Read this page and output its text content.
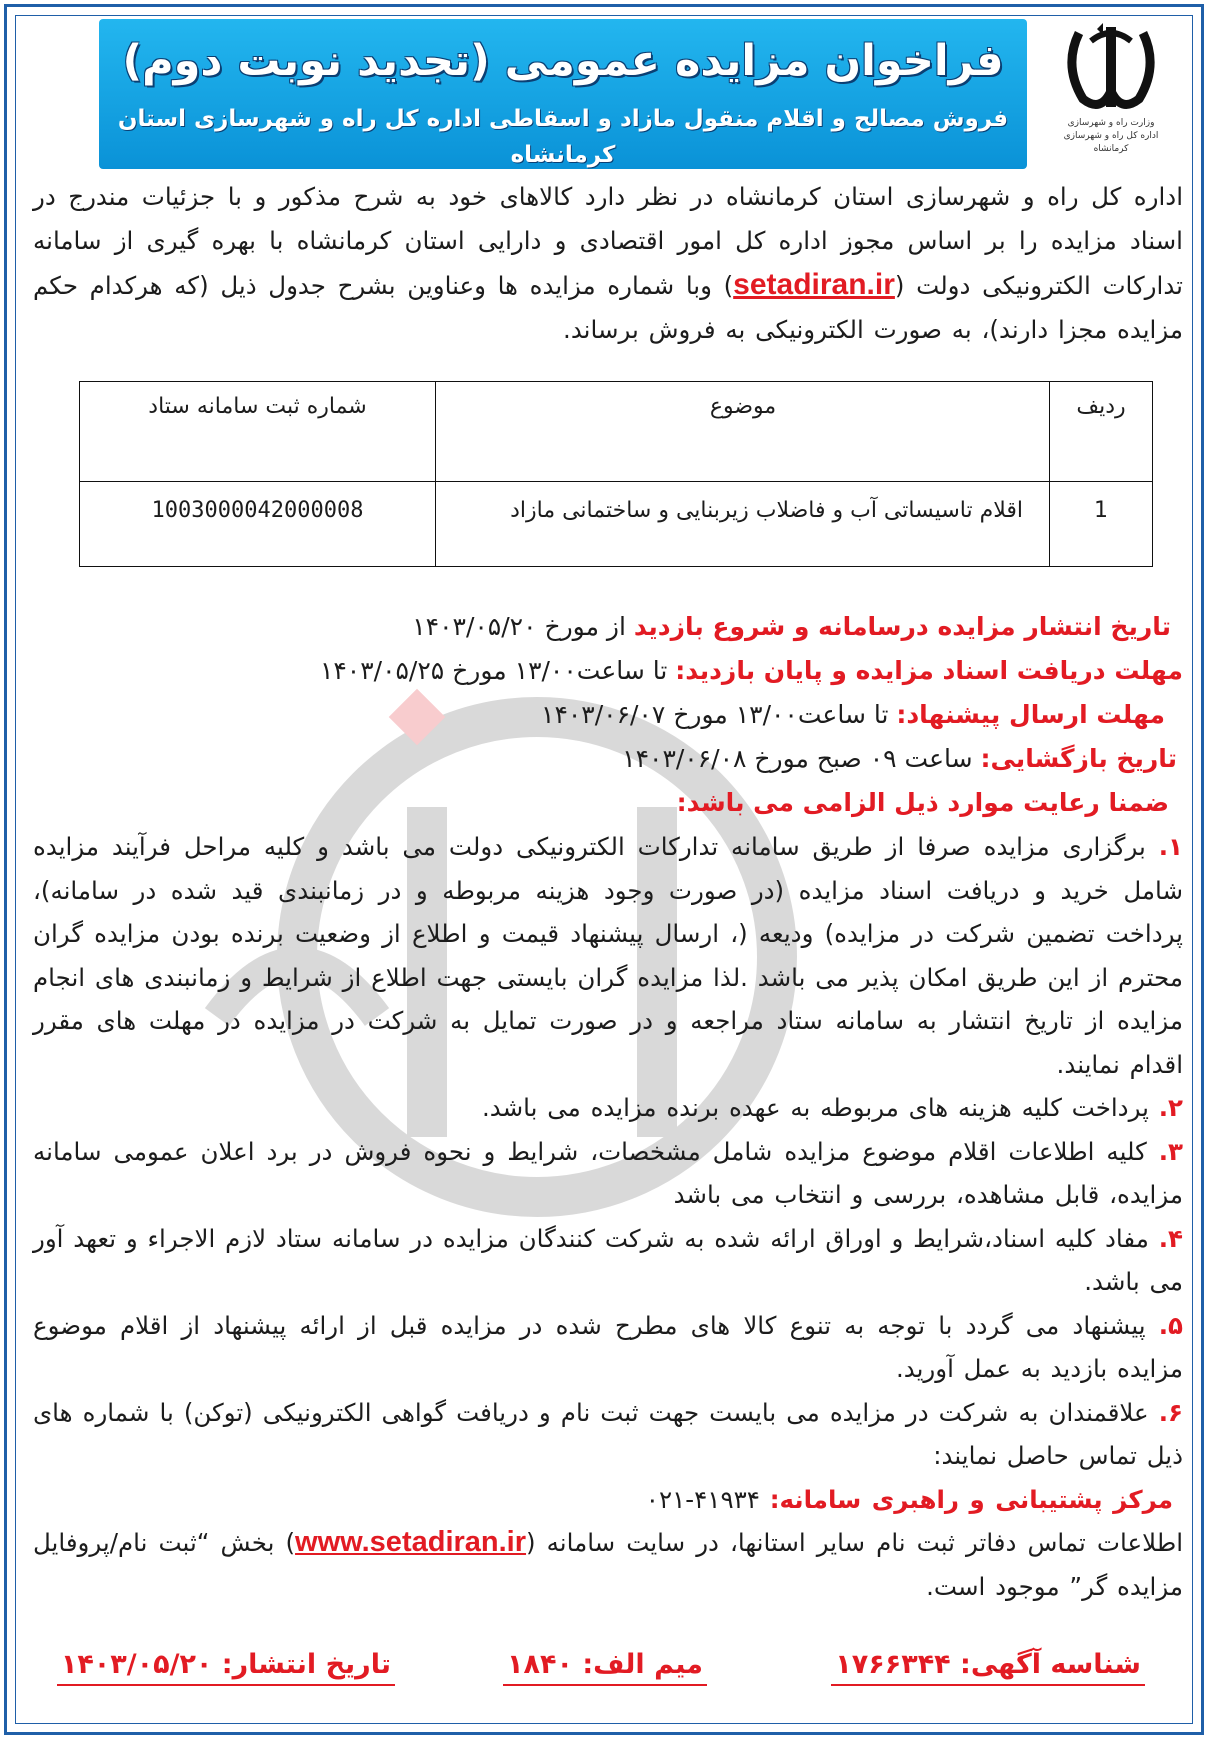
وزارت راه و شهرسازی
اداره کل راه و شهرسازی کرمانشاه
فراخوان مزایده عمومی (تجدید نوبت دوم)
فروش مصالح و اقلام منقول مازاد و اسقاطی اداره کل راه و شهرسازی استان کرمانشاه
اداره کل راه و شهرسازی استان کرمانشاه در نظر دارد کالاهای خود به شرح مذکور و با جزئیات مندرج در اسناد مزایده را بر اساس مجوز اداره کل امور اقتصادی و دارایی استان کرمانشاه با بهره گیری از سامانه تدارکات الکترونیکی دولت (setadiran.ir) وبا شماره مزایده ها وعناوین بشرح جدول ذیل (که هرکدام حکم مزایده مجزا دارند)، به صورت الکترونیکی به فروش برساند.
ردیف	موضوع	شماره ثبت سامانه ستاد
1	اقلام تاسیساتی آب و فاضلاب زیربنایی و ساختمانی مازاد	1003000042000008
تاریخ انتشار مزایده درسامانه و شروع بازدید از مورخ ۱۴۰۳/۰۵/۲۰
مهلت دریافت اسناد مزایده و پایان بازدید: تا ساعت۱۳/۰۰ مورخ ۱۴۰۳/۰۵/۲۵
مهلت ارسال پیشنهاد: تا ساعت۱۳/۰۰ مورخ ۱۴۰۳/۰۶/۰۷
تاریخ بازگشایی: ساعت ۰۹ صبح مورخ ۱۴۰۳/۰۶/۰۸
ضمنا رعایت موارد ذیل الزامی می باشد:

۱. برگزاری مزایده صرفا از طریق سامانه تدارکات الکترونیکی دولت می باشد و کلیه مراحل فرآیند مزایده شامل خرید و دریافت اسناد مزایده (در صورت وجود هزینه مربوطه و در زمانبندی قید شده در سامانه)، پرداخت تضمین شرکت در مزایده) ودیعه (، ارسال پیشنهاد قیمت و اطلاع از وضعیت برنده بودن مزایده گران محترم از این طریق امکان پذیر می باشد .لذا مزایده گران بایستی جهت اطلاع از شرایط و زمانبندی های انجام مزایده از تاریخ انتشار به سامانه ستاد مراجعه و در صورت تمایل به شرکت در مزایده در مهلت های مقرر اقدام نمایند.

۲. پرداخت کلیه هزینه های مربوطه به عهده برنده مزایده می باشد.

۳. کلیه اطلاعات اقلام موضوع مزایده شامل مشخصات، شرایط و نحوه فروش در برد اعلان عمومی سامانه مزایده، قابل مشاهده، بررسی و انتخاب می باشد

۴. مفاد کلیه اسناد،شرایط و اوراق ارائه شده به شرکت کنندگان مزایده در سامانه ستاد لازم الاجراء و تعهد آور می باشد.

۵. پیشنهاد می گردد با توجه به تنوع کالا های مطرح شده در مزایده قبل از ارائه پیشنهاد از اقلام موضوع مزایده بازدید به عمل آورید.

۶. علاقمندان به شرکت در مزایده می بایست جهت ثبت نام و دریافت گواهی الکترونیکی (توکن) با شماره های ذیل تماس حاصل نمایند:

مرکز پشتیبانی و راهبری سامانه: ۴۱۹۳۴-۰۲۱

اطلاعات تماس دفاتر ثبت نام سایر استانها، در سایت سامانه (www.setadiran.ir) بخش “ثبت نام/پروفایل مزایده گر” موجود است.

شناسه آگهی: ۱۷۶۶۳۴۴
میم الف: ۱۸۴۰
تاریخ انتشار: ۱۴۰۳/۰۵/۲۰
